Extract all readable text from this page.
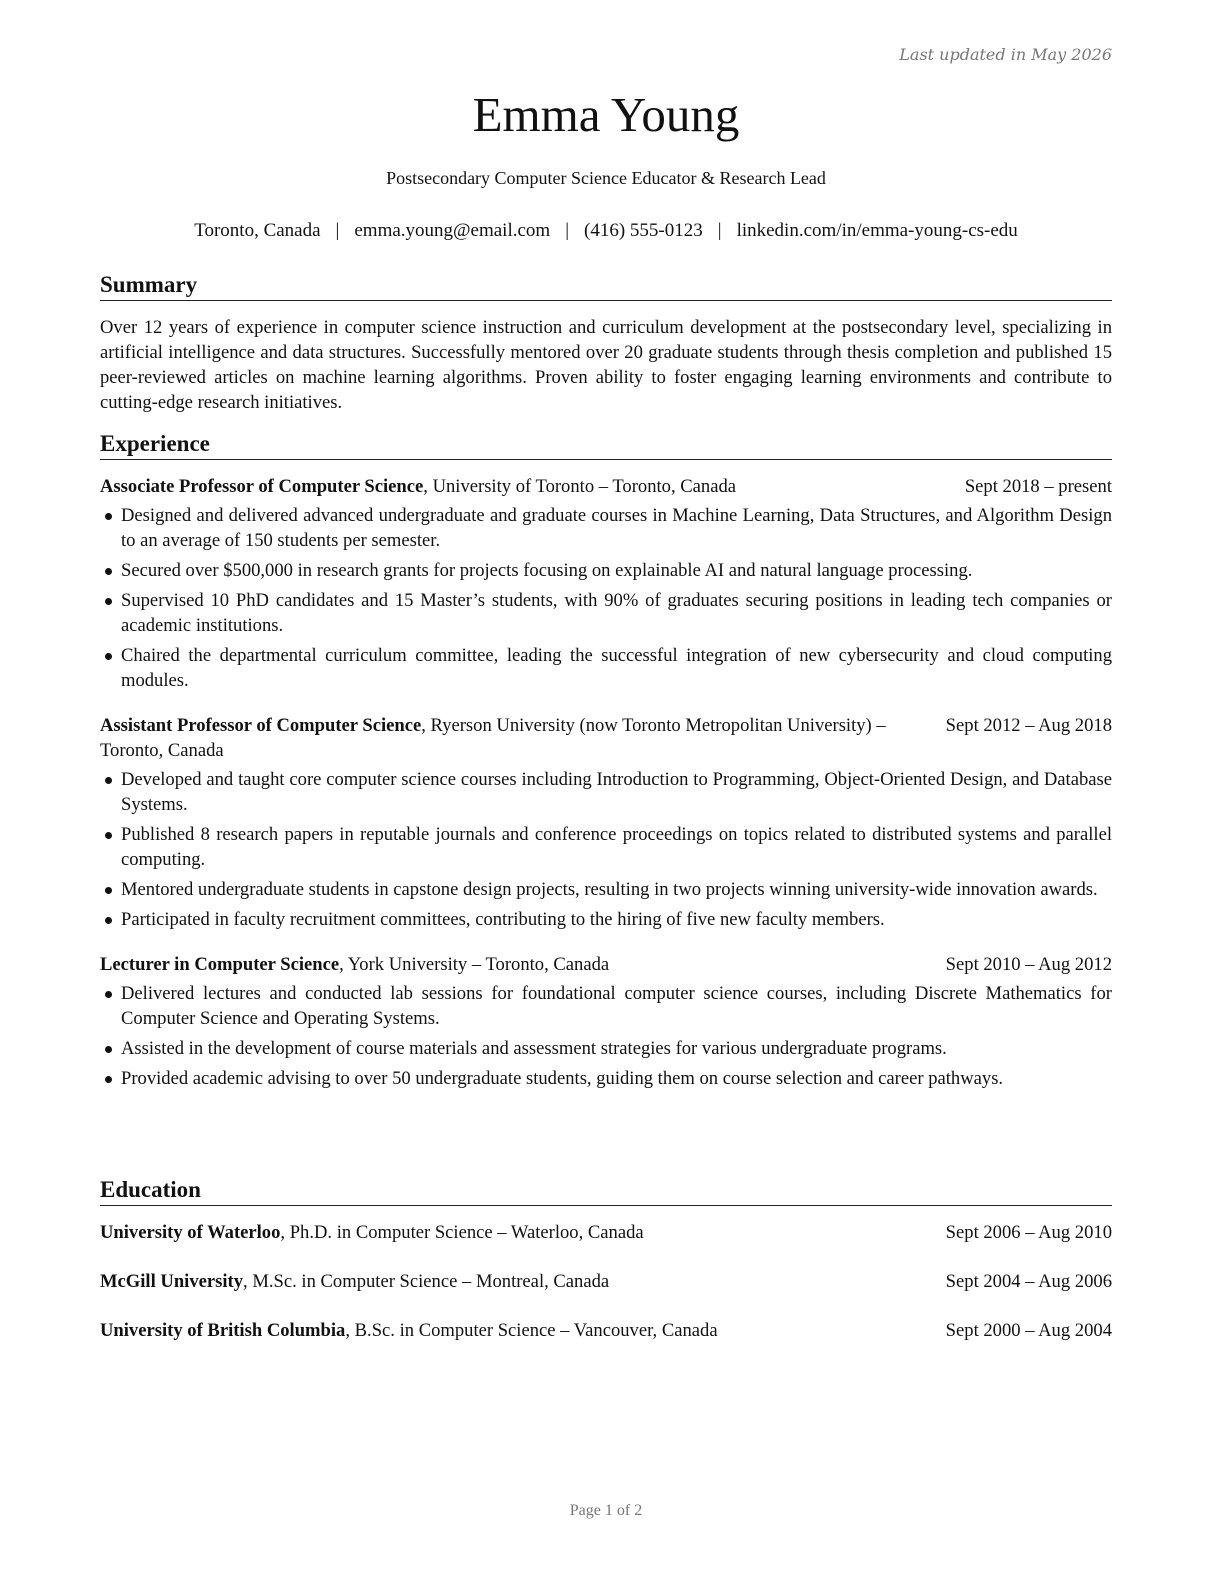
Last updated in May 2026
Emma Young
Postsecondary Computer Science Educator & Research Lead
Toronto, Canada | emma.young@email.com | (416) 555-0123 | linkedin.com/in/emma-young-cs-edu
Summary
Over 12 years of experience in computer science instruction and curriculum development at the postsecondary level, specializing in artificial intelligence and data structures. Successfully mentored over 20 graduate students through thesis completion and published 15 peer-reviewed articles on machine learning algorithms. Proven ability to foster engaging learning environments and contribute to cutting-edge research initiatives.
Experience
Associate Professor of Computer Science, University of Toronto – Toronto, Canada	Sept 2018 – present
Designed and delivered advanced undergraduate and graduate courses in Machine Learning, Data Structures, and Algorithm Design to an average of 150 students per semester.
Secured over $500,000 in research grants for projects focusing on explainable AI and natural language processing.
Supervised 10 PhD candidates and 15 Master’s students, with 90% of graduates securing positions in leading tech companies or academic institutions.
Chaired the departmental curriculum committee, leading the successful integration of new cybersecurity and cloud computing modules.
Assistant Professor of Computer Science, Ryerson University (now Toronto Metropolitan University) – Toronto, Canada
Sept 2012 – Aug 2018
Developed and taught core computer science courses including Introduction to Programming, Object-Oriented Design, and Database Systems.
Published 8 research papers in reputable journals and conference proceedings on topics related to distributed systems and parallel computing.
Mentored undergraduate students in capstone design projects, resulting in two projects winning university-wide innovation awards.
Participated in faculty recruitment committees, contributing to the hiring of five new faculty members.
Lecturer in Computer Science, York University – Toronto, Canada	Sept 2010 – Aug 2012
Delivered lectures and conducted lab sessions for foundational computer science courses, including Discrete Mathematics for Computer Science and Operating Systems.
Assisted in the development of course materials and assessment strategies for various undergraduate programs.
Provided academic advising to over 50 undergraduate students, guiding them on course selection and career pathways.
Education
University of Waterloo, Ph.D. in Computer Science – Waterloo, Canada	Sept 2006 – Aug 2010
McGill University, M.Sc. in Computer Science – Montreal, Canada	Sept 2004 – Aug 2006
University of British Columbia, B.Sc. in Computer Science – Vancouver, Canada	Sept 2000 – Aug 2004
Page 1 of 2
